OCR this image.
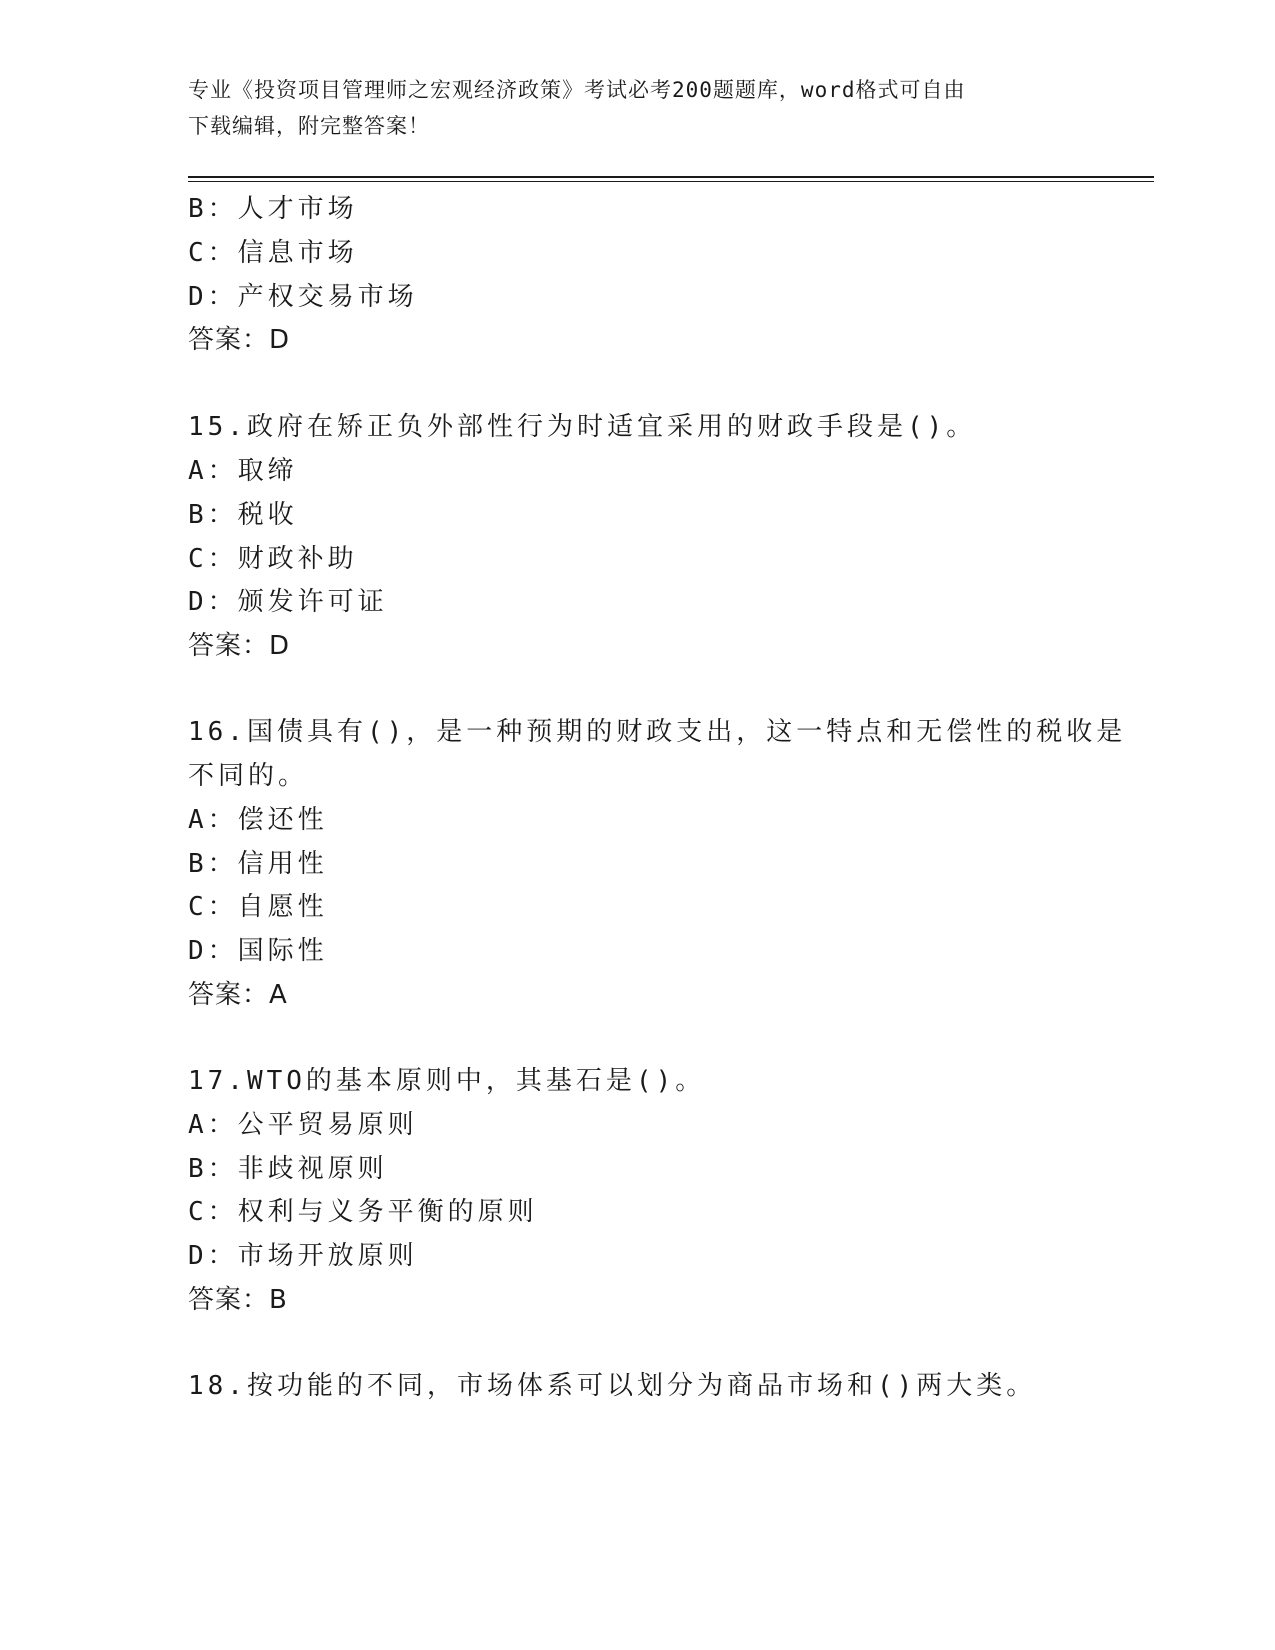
专业《投资项目管理师之宏观经济政策》考试必考200题题库，word格式可自由
下载编辑，附完整答案！
B：人才市场
C：信息市场
D：产权交易市场
答案：D
15.政府在矫正负外部性行为时适宜采用的财政手段是()。
A：取缔
B：税收
C：财政补助
D：颁发许可证
答案：D
16.国债具有()，是一种预期的财政支出，这一特点和无偿性的税收是
不同的。
A：偿还性
B：信用性
C：自愿性
D：国际性
答案：A
17.WTO的基本原则中，其基石是()。
A：公平贸易原则
B：非歧视原则
C：权利与义务平衡的原则
D：市场开放原则
答案：B
18.按功能的不同，市场体系可以划分为商品市场和()两大类。
